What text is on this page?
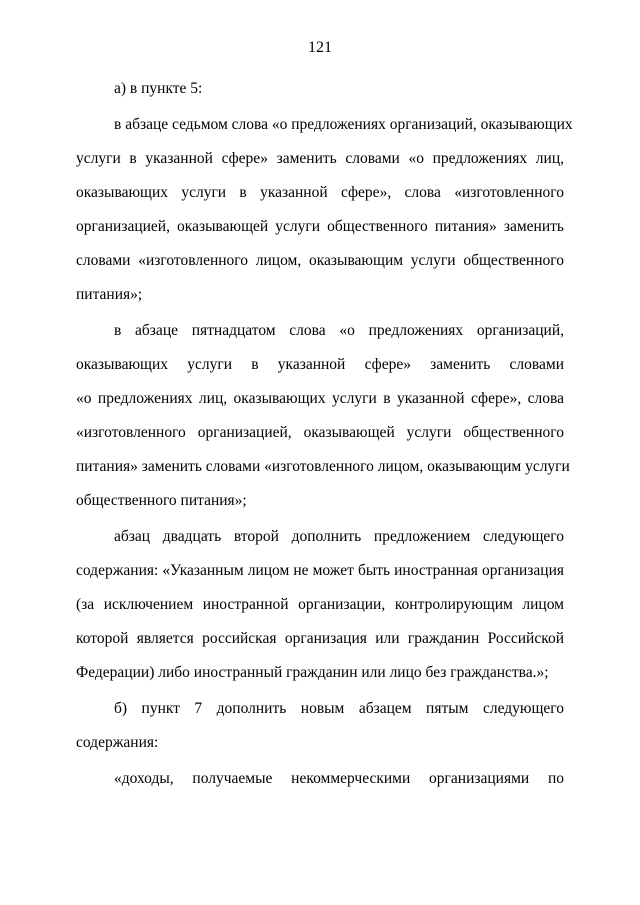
121
а) в пункте 5:
в абзаце седьмом слова «о предложениях организаций, оказывающих
услуги в указанной сфере» заменить словами «о предложениях лиц,
оказывающих услуги в указанной сфере», слова «изготовленного
организацией, оказывающей услуги общественного питания» заменить
словами «изготовленного лицом, оказывающим услуги общественного
питания»;
в абзаце пятнадцатом слова «о предложениях организаций,
оказывающих услуги в указанной сфере» заменить словами
«о предложениях лиц, оказывающих услуги в указанной сфере», слова
«изготовленного организацией, оказывающей услуги общественного
питания» заменить словами «изготовленного лицом, оказывающим услуги
общественного питания»;
абзац двадцать второй дополнить предложением следующего
содержания: «Указанным лицом не может быть иностранная организация
(за исключением иностранной организации, контролирующим лицом
которой является российская организация или гражданин Российской
Федерации) либо иностранный гражданин или лицо без гражданства.»;
б) пункт 7 дополнить новым абзацем пятым следующего
содержания:
«доходы, получаемые некоммерческими организациями по
